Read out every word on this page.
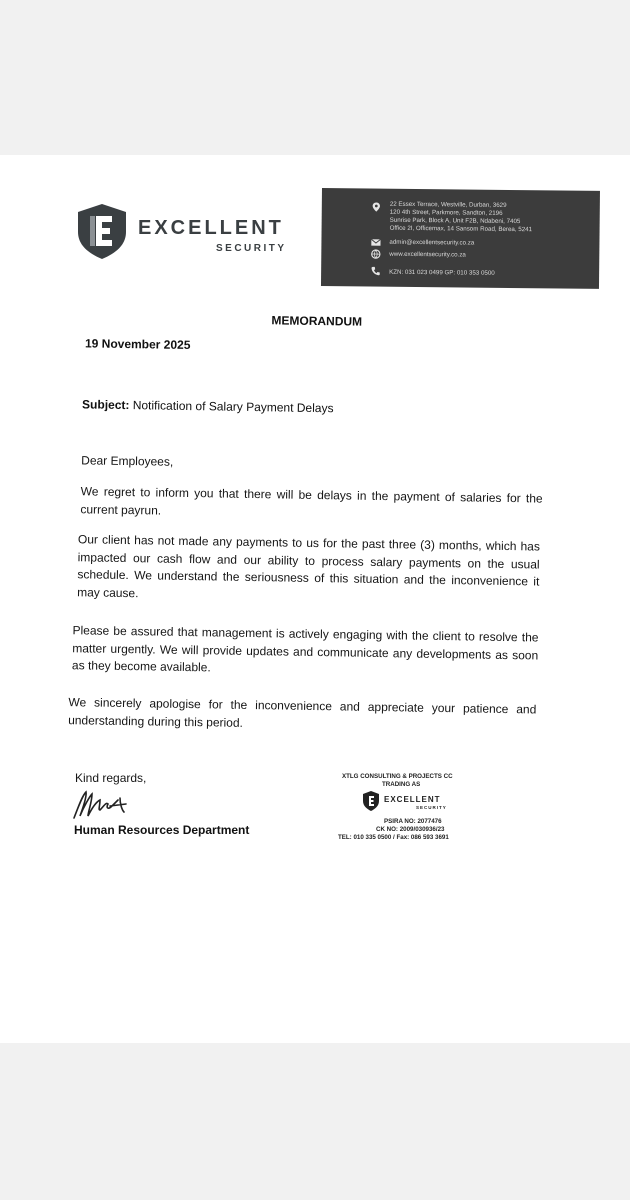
EXCELLENT
SECURITY
22 Essex Terrace, Westville, Durban, 3629
120 4th Street, Parkmore, Sandton, 2196
Sunrise Park, Block A, Unit F2B, Ndabeni, 7405
Office 2I, Officemax, 14 Sansom Road, Berea, 5241
admin@excellentsecurity.co.za
www.excellentsecurity.co.za
KZN: 031 023 0499 GP: 010 353 0500
MEMORANDUM
19 November 2025
Subject: Notification of Salary Payment Delays
Dear Employees,
We regret to inform you that there will be delays in the payment of salaries for the current payrun.
Our client has not made any payments to us for the past three (3) months, which has impacted our cash flow and our ability to process salary payments on the usual schedule. We understand the seriousness of this situation and the inconvenience it may cause.
Please be assured that management is actively engaging with the client to resolve the matter urgently. We will provide updates and communicate any developments as soon as they become available.
We sincerely apologise for the inconvenience and appreciate your patience and understanding during this period.
Kind regards,
Human Resources Department
XTLG CONSULTING & PROJECTS CC
TRADING AS
EXCELLENT
SECURITY
PSIRA NO: 2077476
CK NO: 2009/030936/23
TEL: 010 335 0500 / Fax: 086 593 3691
